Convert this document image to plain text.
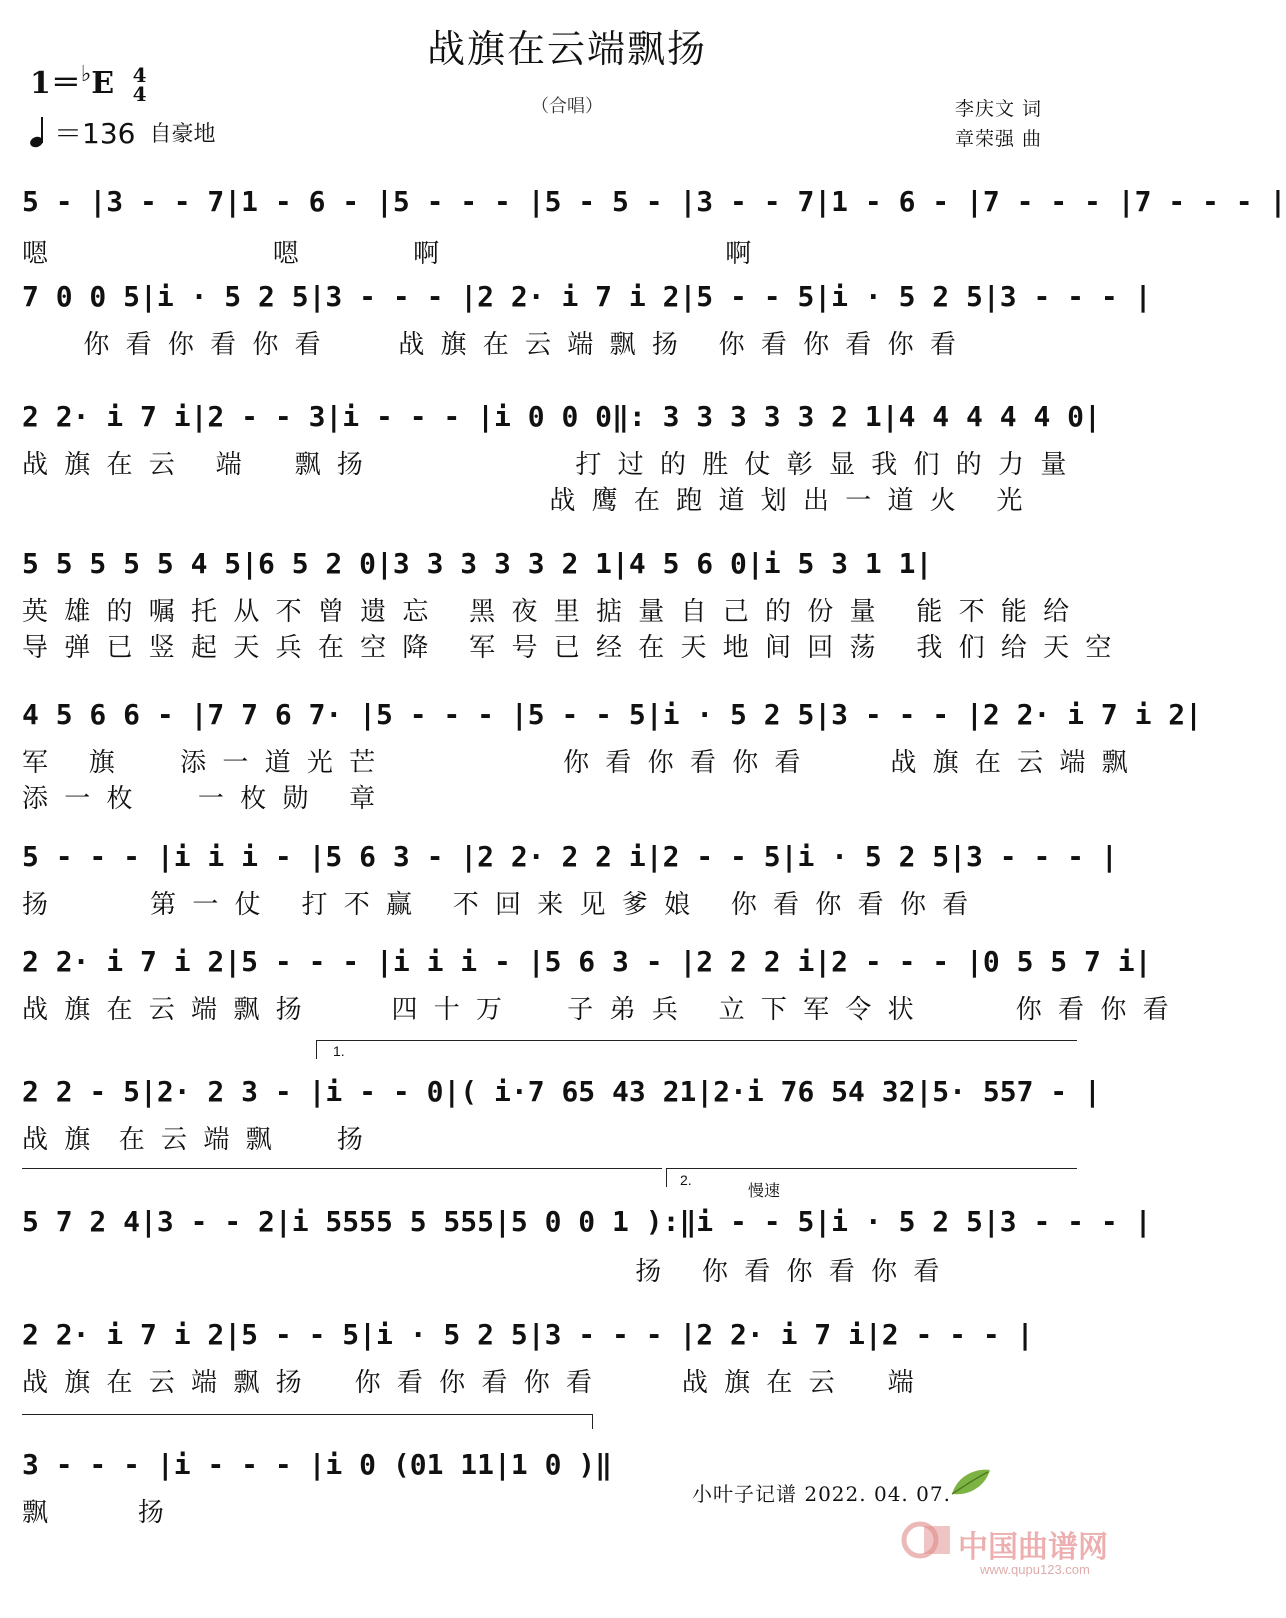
战旗在云端飘扬
（合唱）
1＝♭E 4
4
＝136 自豪地
李庆文 词
章荣强 曲
5 - |3 - - 7|1 - 6 - |5 - - - |5 - 5 - |3 - - 7|1 - 6 - |7 - - - |7 - - - |
嗯                  嗯         啊                       啊
7 0 0 5|i · 5 2 5|3 - - - |2 2· i 7 i 2|5 - - 5|i · 5 2 5|3 - - - |
你 看 你 看 你 看      战 旗 在 云 端 飘 扬   你 看 你 看 你 看
2 2· i 7 i|2 - - 3|i - - - |i 0 0 0‖: 3 3 3 3 3 2 1|4 4 4 4 4 0|
战 旗 在 云   端    飘 扬                 打 过 的 胜 仗 彰 显 我 们 的 力 量
战 鹰 在 跑 道 划 出 一 道 火   光
5 5 5 5 5 4 5|6 5 2 0|3 3 3 3 3 2 1|4 5 6 0|i 5 3 1 1|
英 雄 的 嘱 托 从 不 曾 遗 忘   黑 夜 里 掂 量 自 己 的 份 量   能 不 能 给
导 弹 已 竖 起 天 兵 在 空 降   军 号 已 经 在 天 地 间 回 荡   我 们 给 天 空
4 5 6 6 - |7 7 6 7· |5 - - - |5 - - 5|i · 5 2 5|3 - - - |2 2· i 7 i 2|
军   旗     添 一 道 光 芒               你 看 你 看 你 看       战 旗 在 云 端 飘
添 一 枚     一 枚 勋   章
5 - - - |i i i - |5 6 3 - |2 2· 2 2 i|2 - - 5|i · 5 2 5|3 - - - |
扬        第 一 仗   打 不 赢   不 回 来 见 爹 娘   你 看 你 看 你 看
2 2· i 7 i 2|5 - - - |i i i - |5 6 3 - |2 2 2 i|2 - - - |0 5 5 7 i|
战 旗 在 云 端 飘 扬       四 十 万     子 弟 兵   立 下 军 令 状        你 看 你 看
1.
2 2 - 5|2· 2 3 - |i - - 0|( i·7 65 43 21|2·i 76 54 32|5· 557 - |
战 旗  在 云 端 飘     扬
2.
慢速
5 7 2 4|3 - - 2|i 5555 5 555|5 0 0 1 ):‖i - - 5|i · 5 2 5|3 - - - |
扬   你 看 你 看 你 看
2 2· i 7 i 2|5 - - 5|i · 5 2 5|3 - - - |2 2· i 7 i|2 - - - |
战 旗 在 云 端 飘 扬    你 看 你 看 你 看       战 旗 在 云    端
3 - - - |i - - - |i 0 (01 11|1 0 )‖
飘       扬
小叶子记谱 2022. 04. 07.
中国曲谱网
www.qupu123.com
